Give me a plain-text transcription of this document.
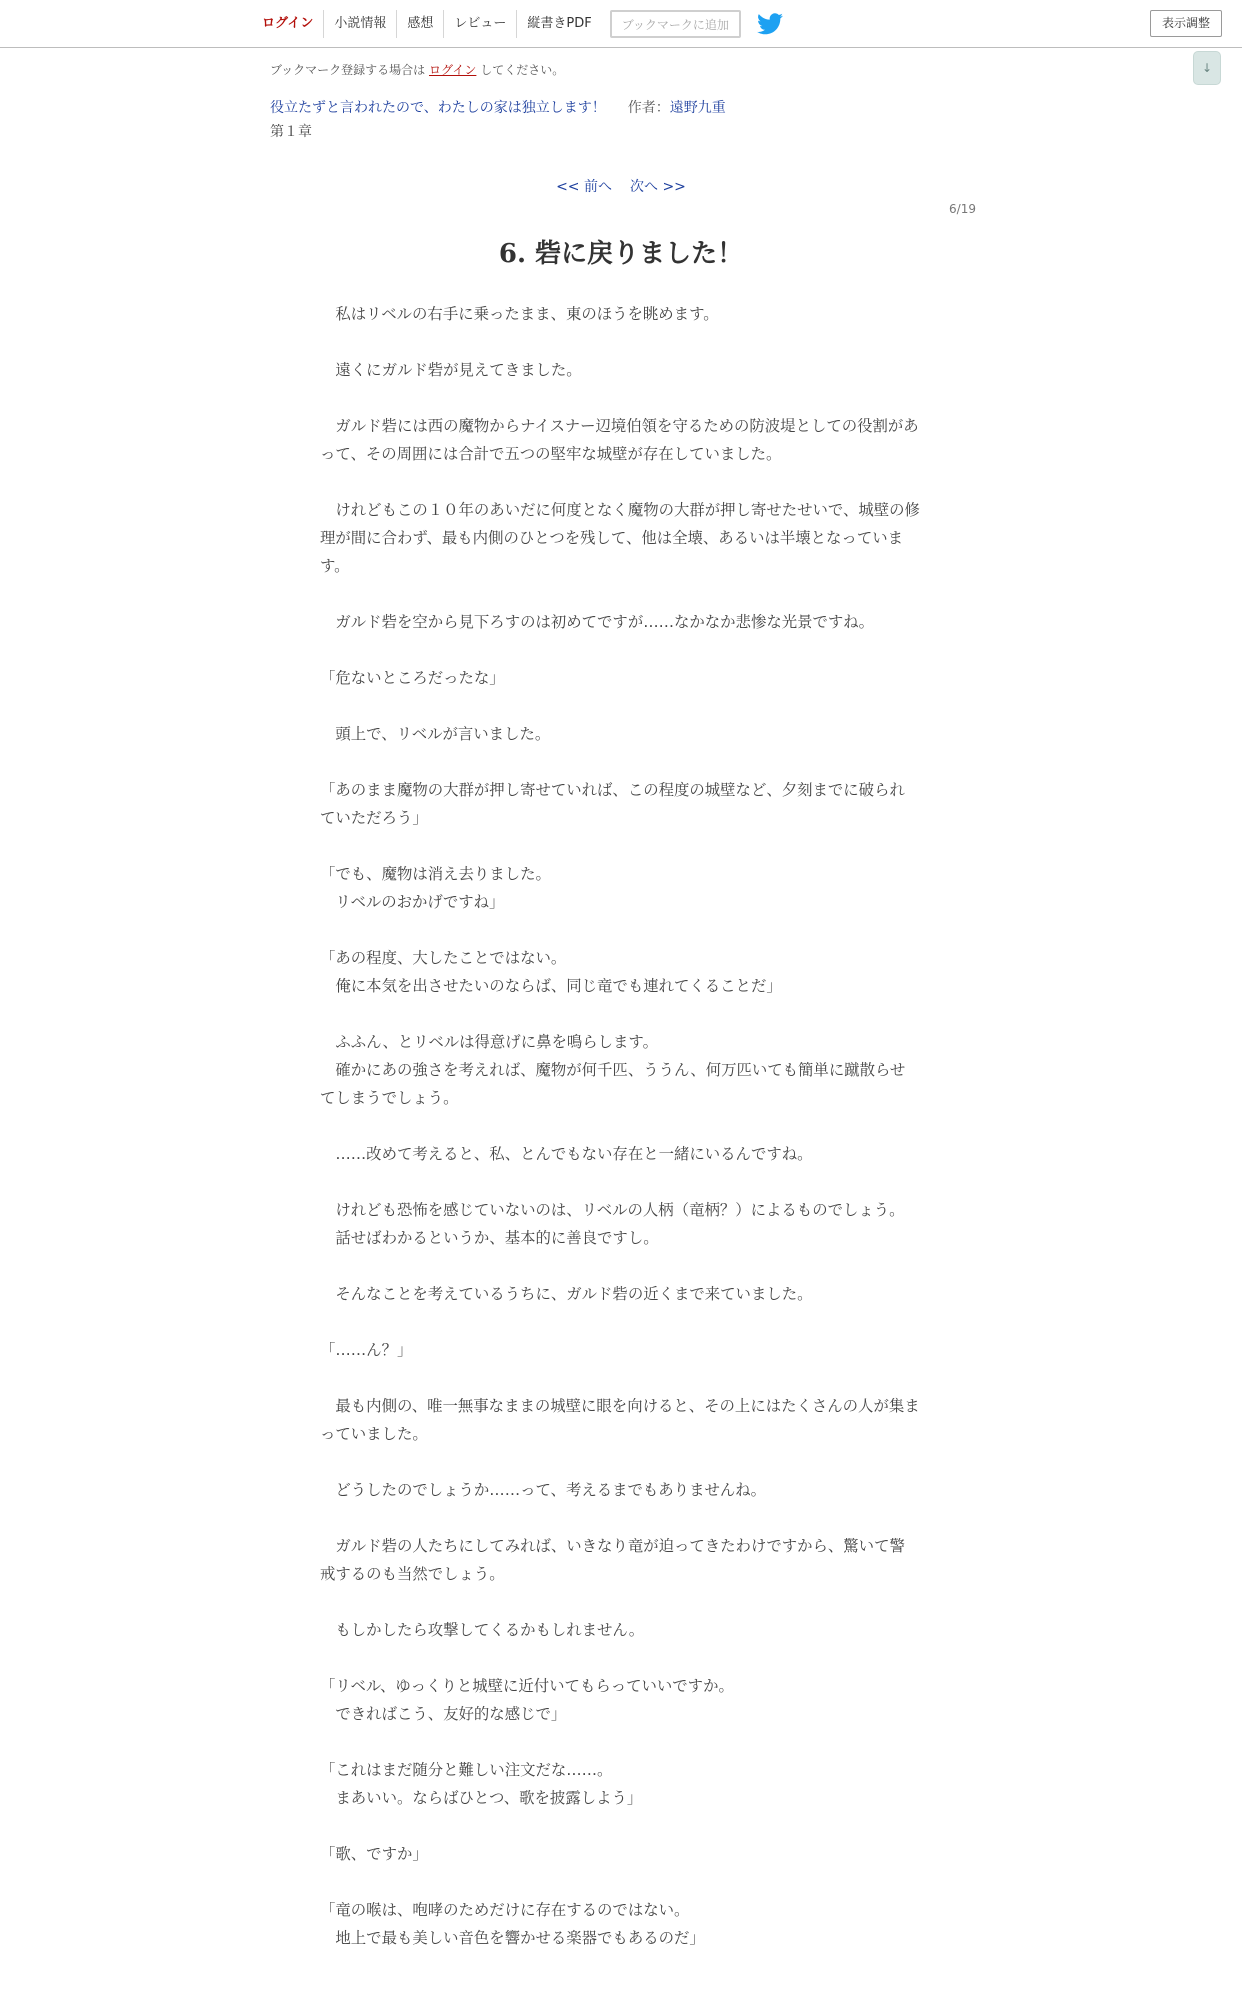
ログイン	小説情報	感想	レビュー	縦書きPDF	ブックマークに追加	表示調整
↓
ブックマーク登録する場合は ログイン してください。
役立たずと言われたので、わたしの家は独立します！ 作者：遠野九重
第１章
<< 前へ 次へ >>
6/19
6. 砦に戻りました！

　私はリベルの右手に乗ったまま、東のほうを眺めます。

　遠くにガルド砦が見えてきました。

　ガルド砦には西の魔物からナイスナー辺境伯領を守るための防波堤としての役割があって、その周囲には合計で五つの堅牢な城壁が存在していました。

　けれどもこの１０年のあいだに何度となく魔物の大群が押し寄せたせいで、城壁の修理が間に合わず、最も内側のひとつを残して、他は全壊、あるいは半壊となっています。

　ガルド砦を空から見下ろすのは初めてですが……なかなか悲惨な光景ですね。

「危ないところだったな」

　頭上で、リベルが言いました。

「あのまま魔物の大群が押し寄せていれば、この程度の城壁など、夕刻までに破られていただろう」

「でも、魔物は消え去りました。
　リベルのおかげですね」

「あの程度、大したことではない。
　俺に本気を出させたいのならば、同じ竜でも連れてくることだ」

　ふふん、とリベルは得意げに鼻を鳴らします。
　確かにあの強さを考えれば、魔物が何千匹、ううん、何万匹いても簡単に蹴散らせてしまうでしょう。

　……改めて考えると、私、とんでもない存在と一緒にいるんですね。

　けれども恐怖を感じていないのは、リベルの人柄（竜柄？）によるものでしょう。
　話せばわかるというか、基本的に善良ですし。

　そんなことを考えているうちに、ガルド砦の近くまで来ていました。

「……ん？」

　最も内側の、唯一無事なままの城壁に眼を向けると、その上にはたくさんの人が集まっていました。

　どうしたのでしょうか……って、考えるまでもありませんね。

　ガルド砦の人たちにしてみれば、いきなり竜が迫ってきたわけですから、驚いて警戒するのも当然でしょう。

　もしかしたら攻撃してくるかもしれません。

「リベル、ゆっくりと城壁に近付いてもらっていいですか。
　できればこう、友好的な感じで」

「これはまだ随分と難しい注文だな……。
　まあいい。ならばひとつ、歌を披露しよう」

「歌、ですか」

「竜の喉は、咆哮のためだけに存在するのではない。
　地上で最も美しい音色を響かせる楽器でもあるのだ」
